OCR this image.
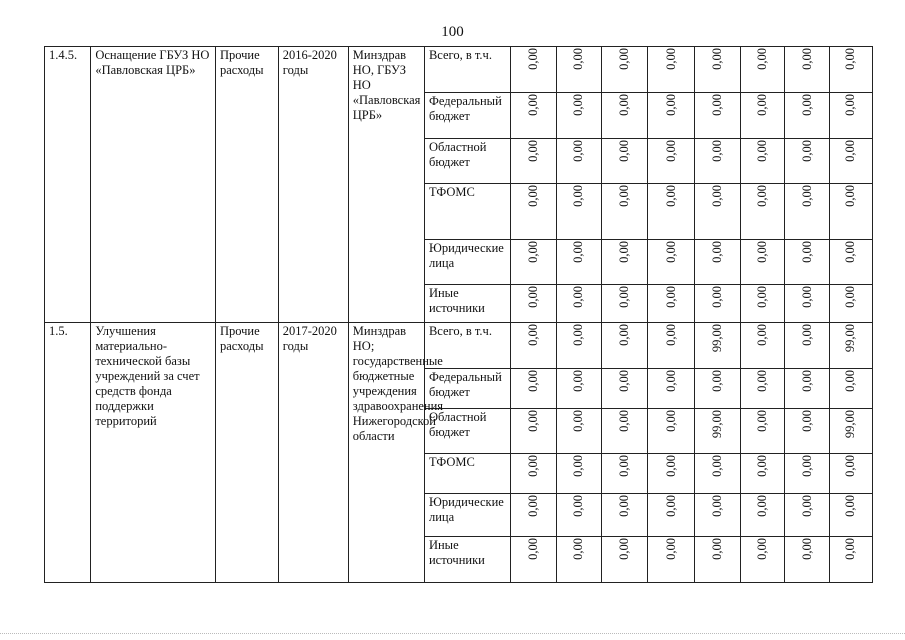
100
1.4.5.	Оснащение ГБУЗ НО «Павловская ЦРБ»	Прочие расходы	2016-2020 годы	Минздрав НО, ГБУЗ НО «Павловская ЦРБ»	Всего, в т.ч.	0,00	0,00	0,00	0,00	0,00	0,00	0,00	0,00
					Федеральный бюджет	0,00	0,00	0,00	0,00	0,00	0,00	0,00	0,00
					Областной бюджет	0,00	0,00	0,00	0,00	0,00	0,00	0,00	0,00
					ТФОМС	0,00	0,00	0,00	0,00	0,00	0,00	0,00	0,00
					Юридические лица	0,00	0,00	0,00	0,00	0,00	0,00	0,00	0,00
					Иные источники	0,00	0,00	0,00	0,00	0,00	0,00	0,00	0,00
1.5.	Улучшения материально-технической базы учреждений за счет средств фонда поддержки территорий	Прочие расходы	2017-2020 годы	Минздрав НО; государственные бюджетные учреждения здравоохранения Нижегородской области	Всего, в т.ч.	0,00	0,00	0,00	0,00	99,00	0,00	0,00	99,00
					Федеральный бюджет	0,00	0,00	0,00	0,00	0,00	0,00	0,00	0,00
					Областной бюджет	0,00	0,00	0,00	0,00	99,00	0,00	0,00	99,00
					ТФОМС	0,00	0,00	0,00	0,00	0,00	0,00	0,00	0,00
					Юридические лица	0,00	0,00	0,00	0,00	0,00	0,00	0,00	0,00
					Иные источники	0,00	0,00	0,00	0,00	0,00	0,00	0,00	0,00
